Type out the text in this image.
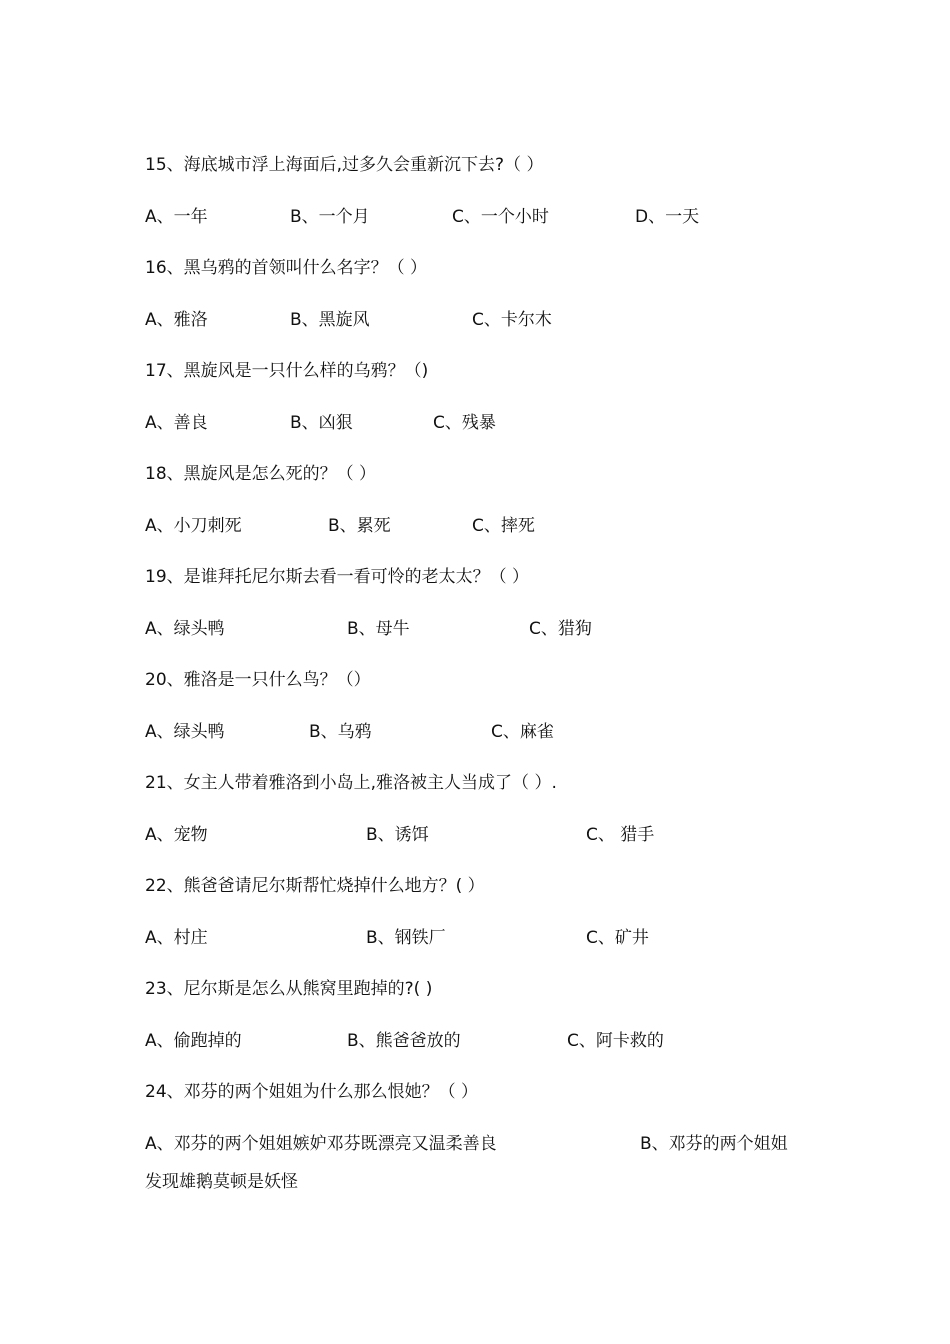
15、海底城市浮上海面后,过多久会重新沉下去?（ ）
A、一年	B、一个月	C、一个小时	D、一天
16、黑乌鸦的首领叫什么名字？（ ）
A、雅洛	B、黑旋风	C、卡尔木
17、黑旋风是一只什么样的乌鸦？（)
A、善良	B、凶狠	C、残暴
18、黑旋风是怎么死的？（ ）
A、小刀刺死	B、累死	C、摔死
19、是谁拜托尼尔斯去看一看可怜的老太太？（ ）
A、绿头鸭	B、母牛	C、猎狗
20、雅洛是一只什么鸟？（）
A、绿头鸭	B、乌鸦	C、麻雀
21、女主人带着雅洛到小岛上,雅洛被主人当成了（ ）.
A、宠物	B、诱饵	C、 猎手
22、熊爸爸请尼尔斯帮忙烧掉什么地方？( ）
A、村庄	B、钢铁厂	C、矿井
23、尼尔斯是怎么从熊窝里跑掉的?( )
A、偷跑掉的	B、熊爸爸放的	C、阿卡救的
24、邓芬的两个姐姐为什么那么恨她？（ ）
A、邓芬的两个姐姐嫉妒邓芬既漂亮又温柔善良	B、邓芬的两个姐姐
发现雄鹅莫顿是妖怪
